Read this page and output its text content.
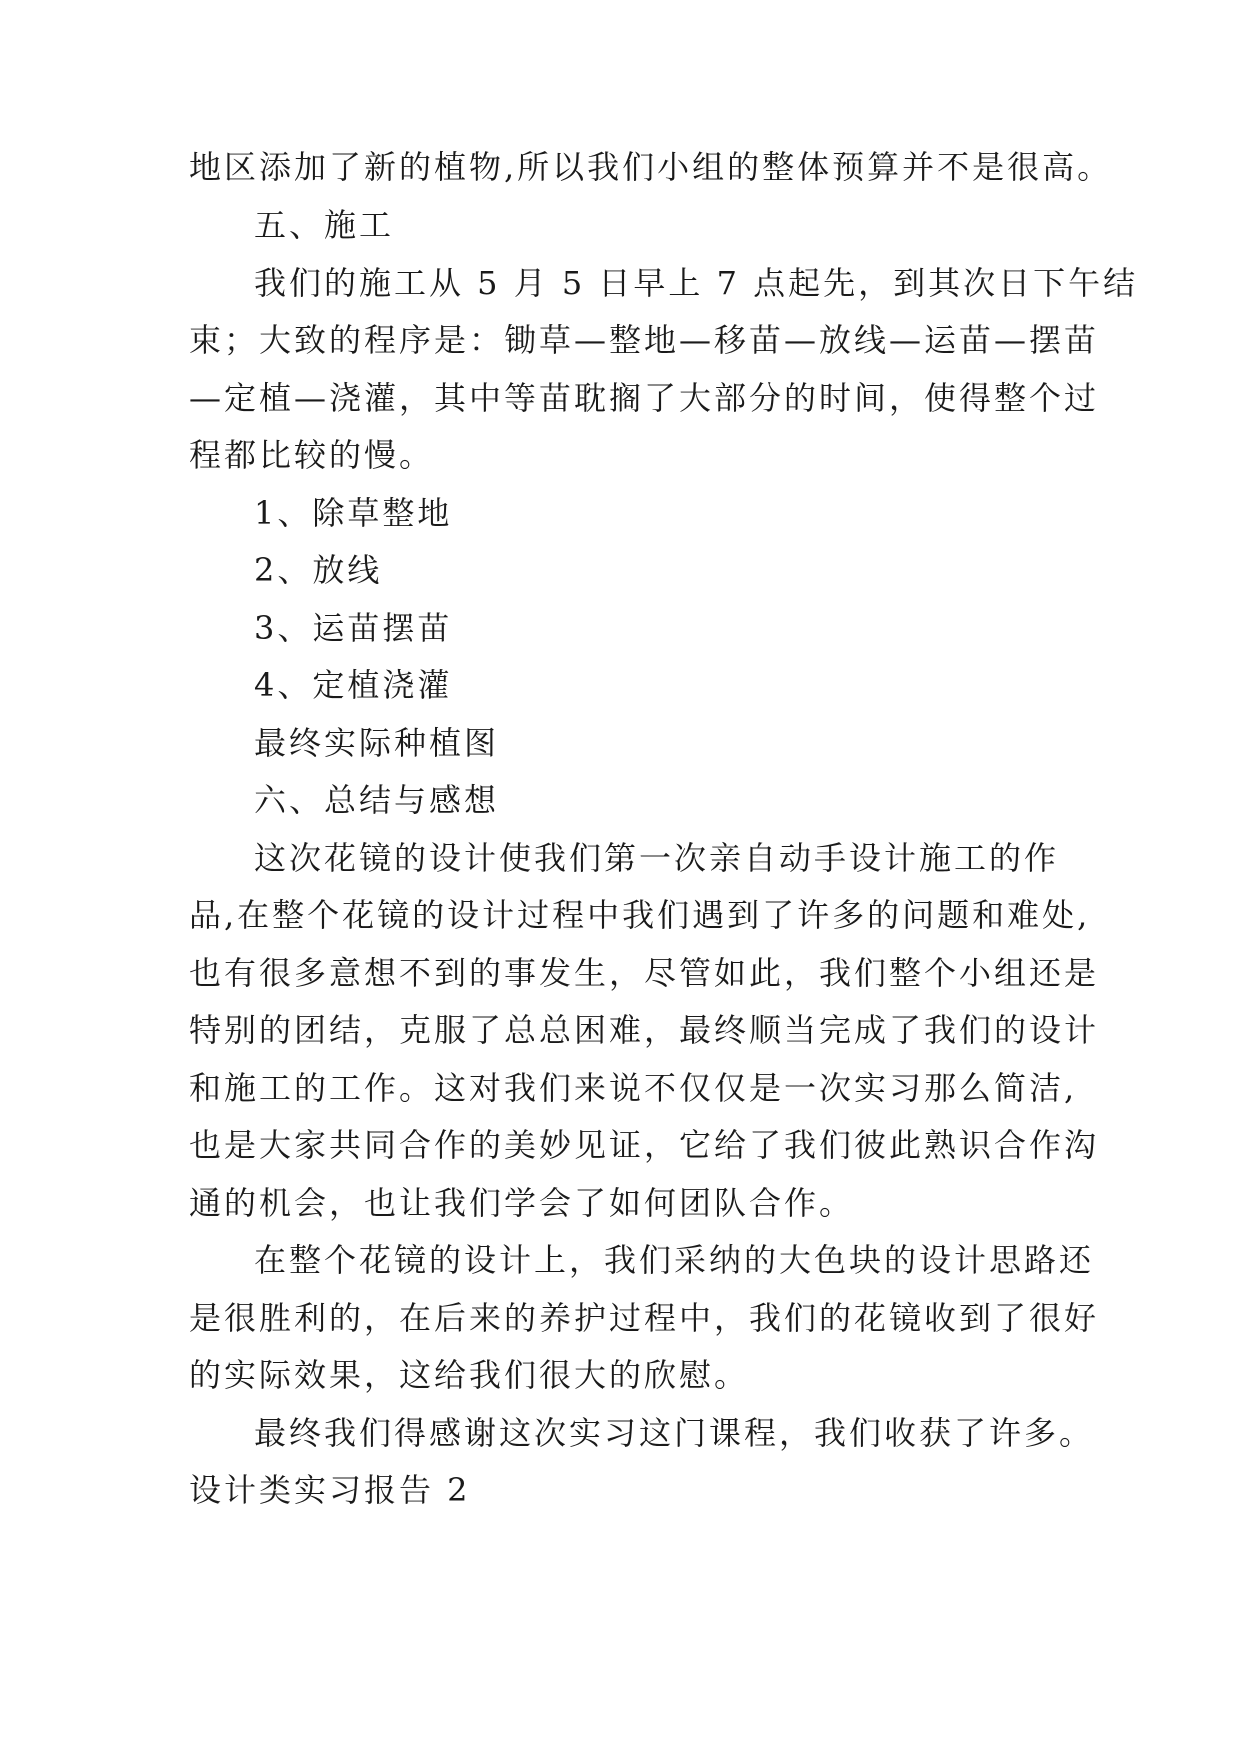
地区添加了新的植物,所以我们小组的整体预算并不是很高。
五、施工
我们的施工从 5 月 5 日早上 7 点起先，到其次日下午结
束；大致的程序是：锄草—整地—移苗—放线—运苗—摆苗
—定植—浇灌，其中等苗耽搁了大部分的时间，使得整个过
程都比较的慢。
1、除草整地
2、放线
3、运苗摆苗
4、定植浇灌
最终实际种植图
六、总结与感想
这次花镜的设计使我们第一次亲自动手设计施工的作
品,在整个花镜的设计过程中我们遇到了许多的问题和难处,
也有很多意想不到的事发生，尽管如此，我们整个小组还是
特别的团结，克服了总总困难，最终顺当完成了我们的设计
和施工的工作。这对我们来说不仅仅是一次实习那么简洁,
也是大家共同合作的美妙见证，它给了我们彼此熟识合作沟
通的机会，也让我们学会了如何团队合作。
在整个花镜的设计上，我们采纳的大色块的设计思路还
是很胜利的，在后来的养护过程中，我们的花镜收到了很好
的实际效果，这给我们很大的欣慰。
最终我们得感谢这次实习这门课程，我们收获了许多。
设计类实习报告 2
